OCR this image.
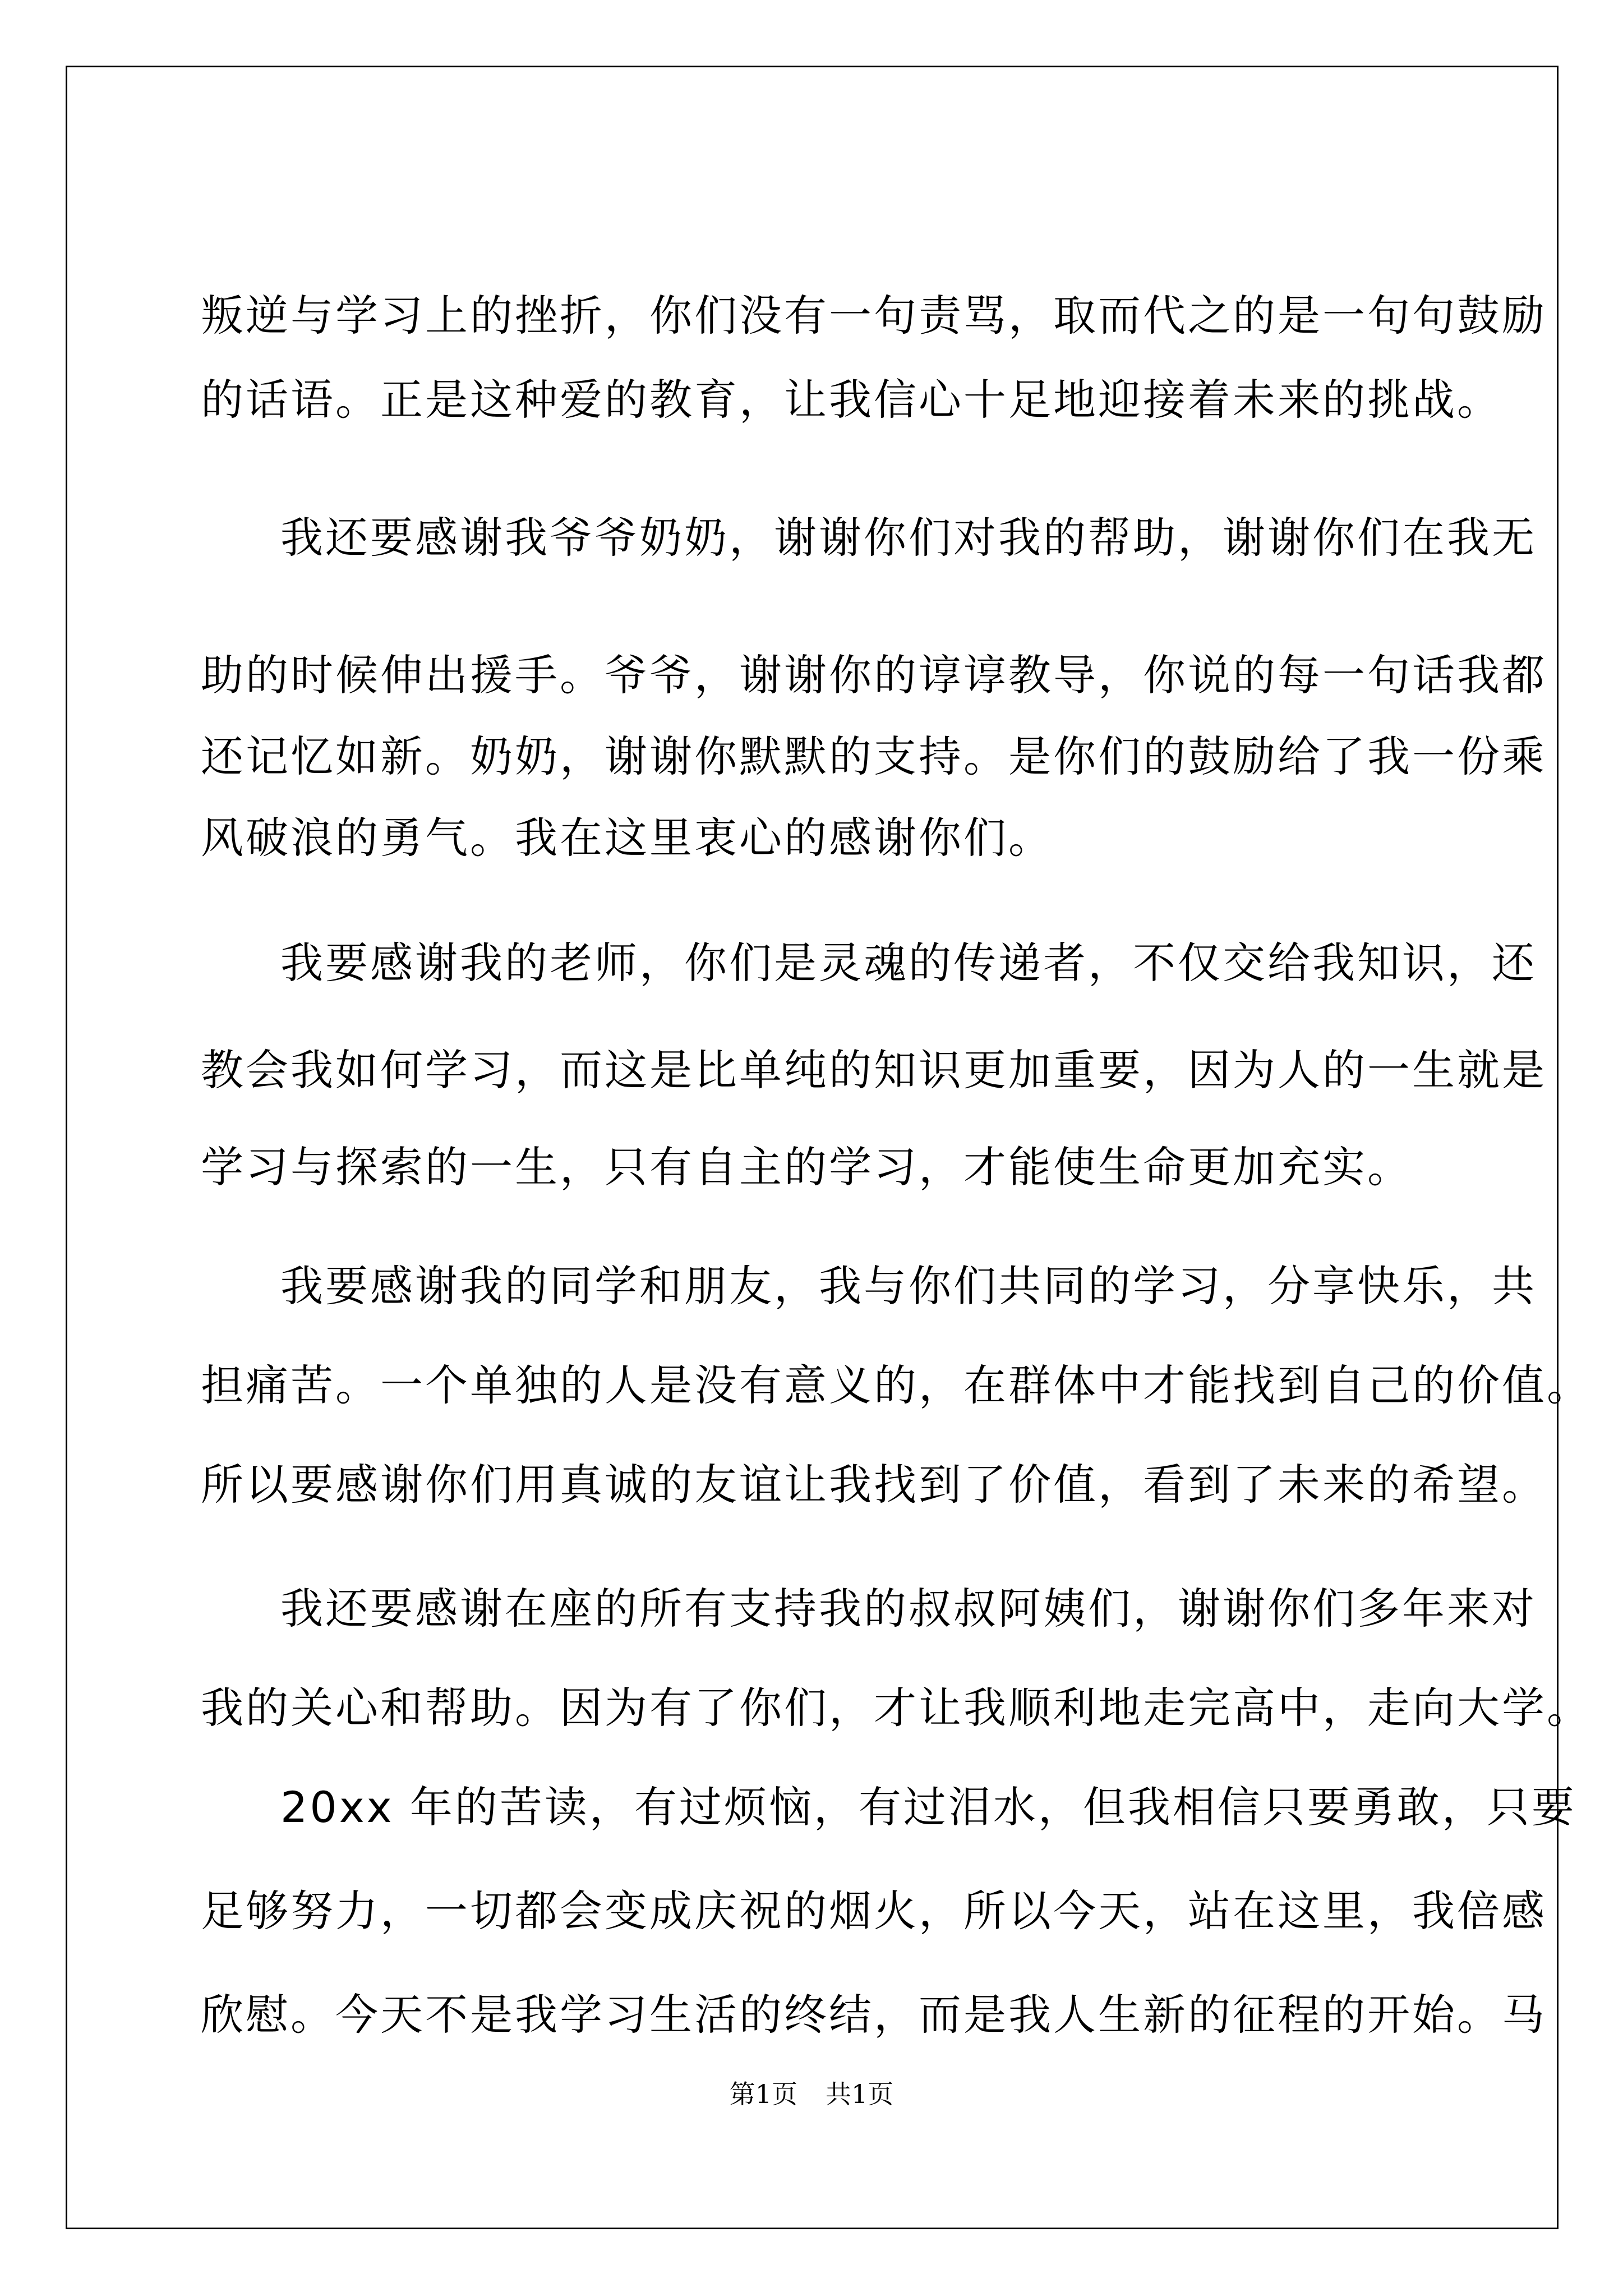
叛逆与学习上的挫折，你们没有一句责骂，取而代之的是一句句鼓励
的话语。正是这种爱的教育，让我信心十足地迎接着未来的挑战。
我还要感谢我爷爷奶奶，谢谢你们对我的帮助，谢谢你们在我无
助的时候伸出援手。爷爷，谢谢你的谆谆教导，你说的每一句话我都
还记忆如新。奶奶，谢谢你默默的支持。是你们的鼓励给了我一份乘
风破浪的勇气。我在这里衷心的感谢你们。
我要感谢我的老师，你们是灵魂的传递者，不仅交给我知识，还
教会我如何学习，而这是比单纯的知识更加重要，因为人的一生就是
学习与探索的一生，只有自主的学习，才能使生命更加充实。
我要感谢我的同学和朋友，我与你们共同的学习，分享快乐，共
担痛苦。一个单独的人是没有意义的，在群体中才能找到自己的价值。
所以要感谢你们用真诚的友谊让我找到了价值，看到了未来的希望。
我还要感谢在座的所有支持我的叔叔阿姨们，谢谢你们多年来对
我的关心和帮助。因为有了你们，才让我顺利地走完高中，走向大学。
20xx 年的苦读，有过烦恼，有过泪水，但我相信只要勇敢，只要
足够努力，一切都会变成庆祝的烟火，所以今天，站在这里，我倍感
欣慰。今天不是我学习生活的终结，而是我人生新的征程的开始。马
第1页 共1页
